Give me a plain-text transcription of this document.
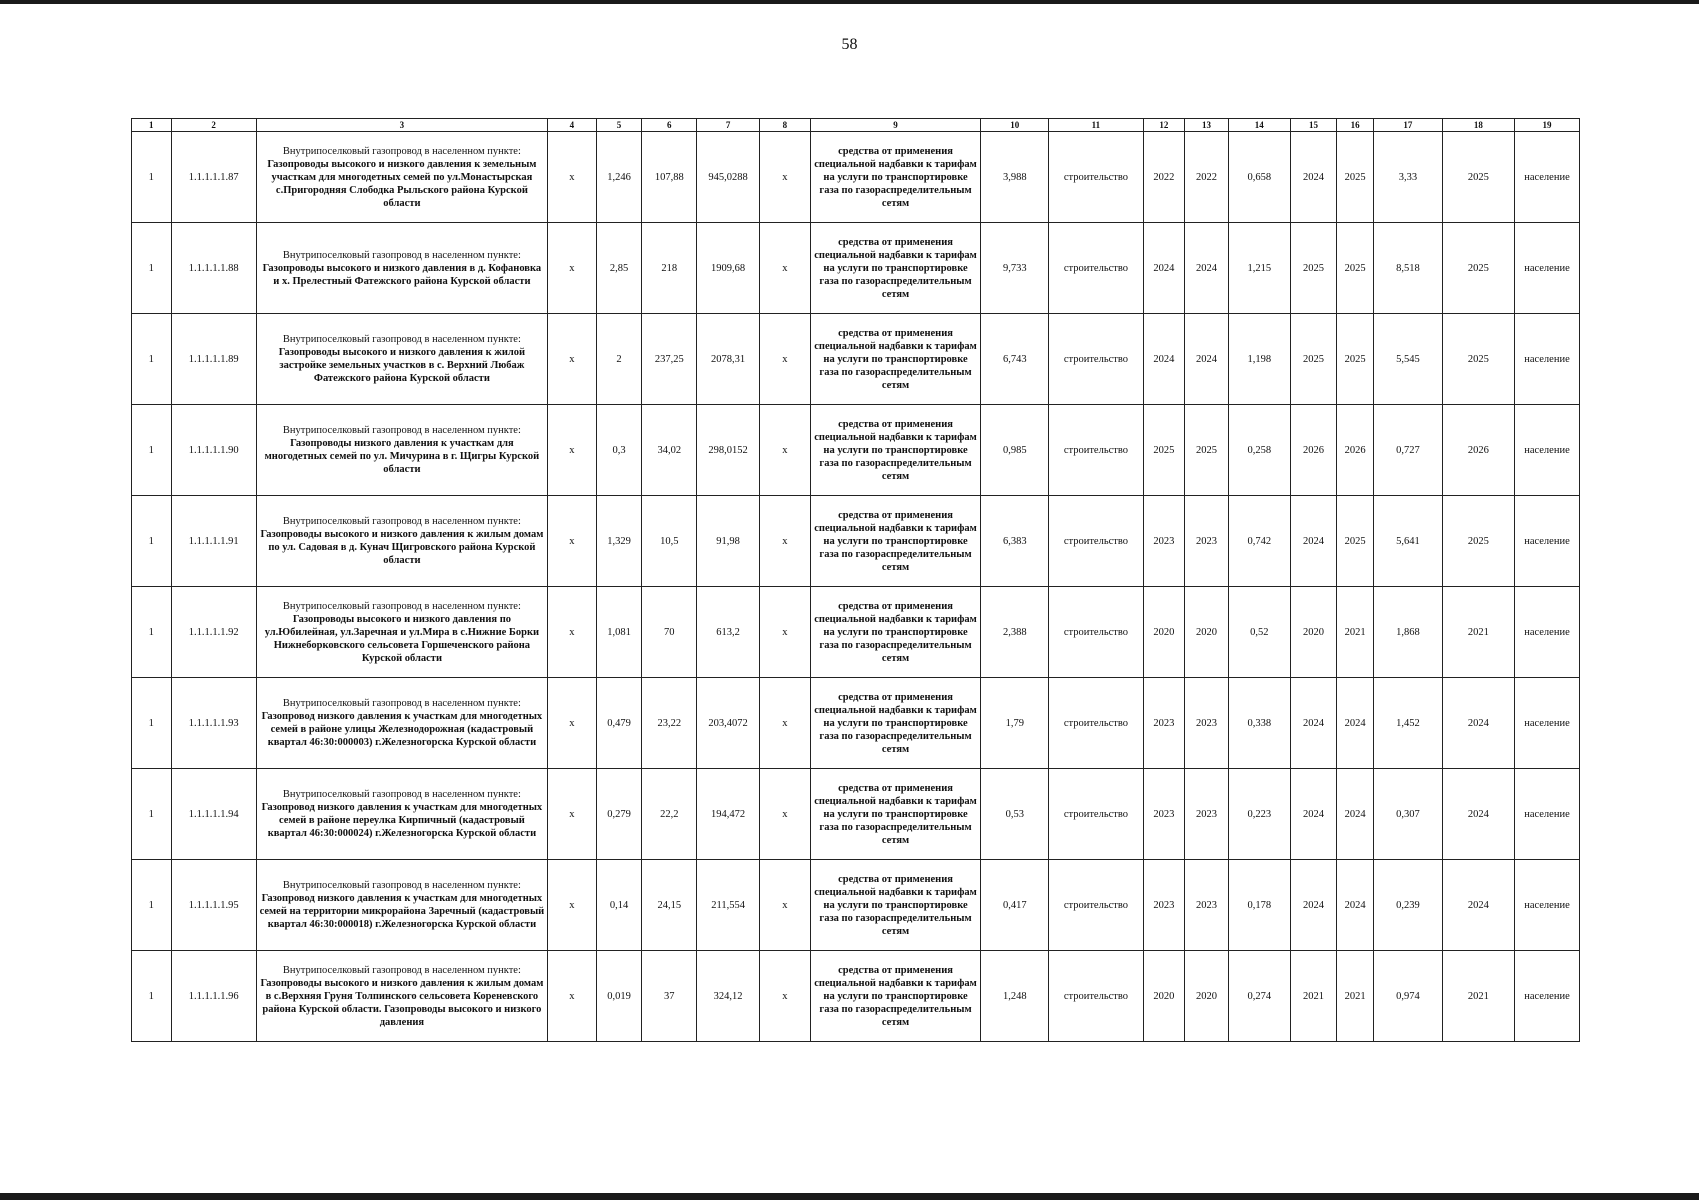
58
1	2	3	4	5	6	7	8	9	10	11	12	13	14	15	16	17	18	19
1	1.1.1.1.1.87	Внутрипоселковый газопровод в населенном пункте:
Газопроводы высокого и низкого давления к земельным участкам для многодетных семей по ул.Монастырская с.Пригородняя Слободка Рыльского района Курской области	x	1,246	107,88	945,0288	x	средства от применения специальной надбавки к тарифам на услуги по транспортировке газа по газораспределительным сетям	3,988	строительство	2022	2022	0,658	2024	2025	3,33	2025	население
1	1.1.1.1.1.88	Внутрипоселковый газопровод в населенном пункте:
Газопроводы высокого и низкого давления в д. Кофановка и х. Прелестный Фатежского района Курской области	x	2,85	218	1909,68	x	средства от применения специальной надбавки к тарифам на услуги по транспортировке газа по газораспределительным сетям	9,733	строительство	2024	2024	1,215	2025	2025	8,518	2025	население
1	1.1.1.1.1.89	Внутрипоселковый газопровод в населенном пункте:
Газопроводы высокого и низкого давления к жилой застройке земельных участков в с. Верхний Любаж Фатежского района Курской области	x	2	237,25	2078,31	x	средства от применения специальной надбавки к тарифам на услуги по транспортировке газа по газораспределительным сетям	6,743	строительство	2024	2024	1,198	2025	2025	5,545	2025	население
1	1.1.1.1.1.90	Внутрипоселковый газопровод в населенном пункте:
Газопроводы низкого давления к участкам для многодетных семей по ул. Мичурина в г. Щигры Курской области	x	0,3	34,02	298,0152	x	средства от применения специальной надбавки к тарифам на услуги по транспортировке газа по газораспределительным сетям	0,985	строительство	2025	2025	0,258	2026	2026	0,727	2026	население
1	1.1.1.1.1.91	Внутрипоселковый газопровод в населенном пункте:
Газопроводы высокого и низкого давления к жилым домам по ул. Садовая в д. Кунач Щигровского района Курской области	x	1,329	10,5	91,98	x	средства от применения специальной надбавки к тарифам на услуги по транспортировке газа по газораспределительным сетям	6,383	строительство	2023	2023	0,742	2024	2025	5,641	2025	население
1	1.1.1.1.1.92	Внутрипоселковый газопровод в населенном пункте:
Газопроводы высокого и низкого давления по ул.Юбилейная, ул.Заречная и ул.Мира в с.Нижние Борки Нижнеборковского сельсовета Горшеченского района Курской области	x	1,081	70	613,2	x	средства от применения специальной надбавки к тарифам на услуги по транспортировке газа по газораспределительным сетям	2,388	строительство	2020	2020	0,52	2020	2021	1,868	2021	население
1	1.1.1.1.1.93	Внутрипоселковый газопровод в населенном пункте:
Газопровод низкого давления к участкам для многодетных семей в районе улицы Железнодорожная (кадастровый квартал 46:30:000003) г.Железногорска Курской области	x	0,479	23,22	203,4072	x	средства от применения специальной надбавки к тарифам на услуги по транспортировке газа по газораспределительным сетям	1,79	строительство	2023	2023	0,338	2024	2024	1,452	2024	население
1	1.1.1.1.1.94	Внутрипоселковый газопровод в населенном пункте:
Газопровод низкого давления к участкам для многодетных семей в районе переулка Кирпичный (кадастровый квартал 46:30:000024) г.Железногорска Курской области	x	0,279	22,2	194,472	x	средства от применения специальной надбавки к тарифам на услуги по транспортировке газа по газораспределительным сетям	0,53	строительство	2023	2023	0,223	2024	2024	0,307	2024	население
1	1.1.1.1.1.95	Внутрипоселковый газопровод в населенном пункте:
Газопровод низкого давления к участкам для многодетных семей на территории микрорайона Заречный (кадастровый квартал 46:30:000018) г.Железногорска Курской области	x	0,14	24,15	211,554	x	средства от применения специальной надбавки к тарифам на услуги по транспортировке газа по газораспределительным сетям	0,417	строительство	2023	2023	0,178	2024	2024	0,239	2024	население
1	1.1.1.1.1.96	Внутрипоселковый газопровод в населенном пункте:
Газопроводы высокого и низкого давления к жилым домам в с.Верхняя Груня Толпинского сельсовета Кореневского района Курской области. Газопроводы высокого и низкого давления	x	0,019	37	324,12	x	средства от применения специальной надбавки к тарифам на услуги по транспортировке газа по газораспределительным сетям	1,248	строительство	2020	2020	0,274	2021	2021	0,974	2021	население
